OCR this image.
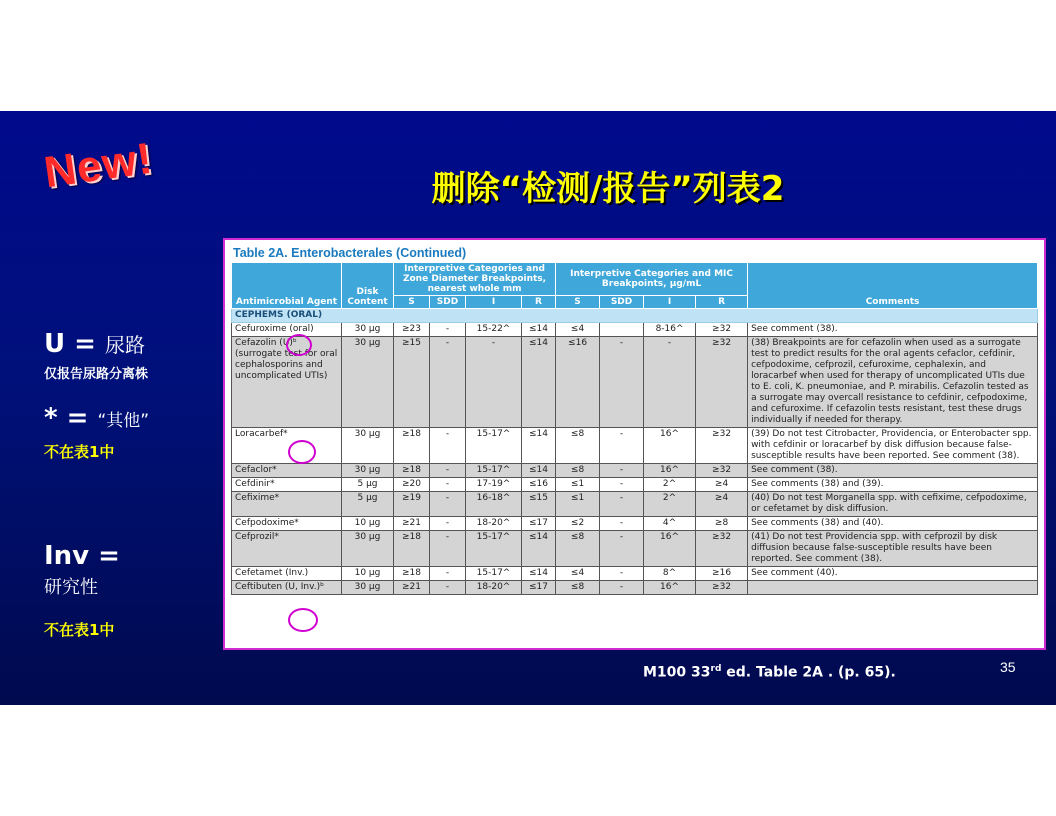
New!	删除“检测/报告”列表2
U = 尿路
仅报告尿路分离株
* = “其他”
不在表1中
Inv =
研究性
不在表1中
Table 2A. Enterobacterales (Continued)
Antimicrobial Agent	Disk Content	Interpretive Categories and Zone Diameter Breakpoints, nearest whole mm				Interpretive Categories and MIC Breakpoints, µg/mL				Comments
		S	SDD	I	R	S	SDD	I	R	
CEPHEMS (ORAL)										
Cefuroxime (oral)	30 µg	≥23	-	15-22^	≤14	≤4		8-16^	≥32	See comment (38).
Cefazolin (U)ᵇ (surrogate test for oral cephalosporins and uncomplicated UTIs)	30 µg	≥15	-	-	≤14	≤16	-	-	≥32	(38) Breakpoints are for cefazolin when used as a surrogate test to predict results for the oral agents cefaclor, cefdinir, cefpodoxime, cefprozil, cefuroxime, cephalexin, and loracarbef when used for therapy of uncomplicated UTIs due to E. coli, K. pneumoniae, and P. mirabilis. Cefazolin tested as a surrogate may overcall resistance to cefdinir, cefpodoxime, and cefuroxime. If cefazolin tests resistant, test these drugs individually if needed for therapy.
Loracarbef*	30 µg	≥18	-	15-17^	≤14	≤8	-	16^	≥32	(39) Do not test Citrobacter, Providencia, or Enterobacter spp. with cefdinir or loracarbef by disk diffusion because false-susceptible results have been reported. See comment (38).
Cefaclor*	30 µg	≥18	-	15-17^	≤14	≤8	-	16^	≥32	See comment (38).
Cefdinir*	5 µg	≥20	-	17-19^	≤16	≤1	-	2^	≥4	See comments (38) and (39).
Cefixime*	5 µg	≥19	-	16-18^	≤15	≤1	-	2^	≥4	(40) Do not test Morganella spp. with cefixime, cefpodoxime, or cefetamet by disk diffusion.
Cefpodoxime*	10 µg	≥21	-	18-20^	≤17	≤2	-	4^	≥8	See comments (38) and (40).
Cefprozil*	30 µg	≥18	-	15-17^	≤14	≤8	-	16^	≥32	(41) Do not test Providencia spp. with cefprozil by disk diffusion because false-susceptible results have been reported. See comment (38).
Cefetamet (Inv.)	10 µg	≥18	-	15-17^	≤14	≤4	-	8^	≥16	See comment (40).
Ceftibuten (U, Inv.)ᵇ	30 µg	≥21	-	18-20^	≤17	≤8	-	16^	≥32	
M100 33rd ed. Table 2A . (p. 65).	35
